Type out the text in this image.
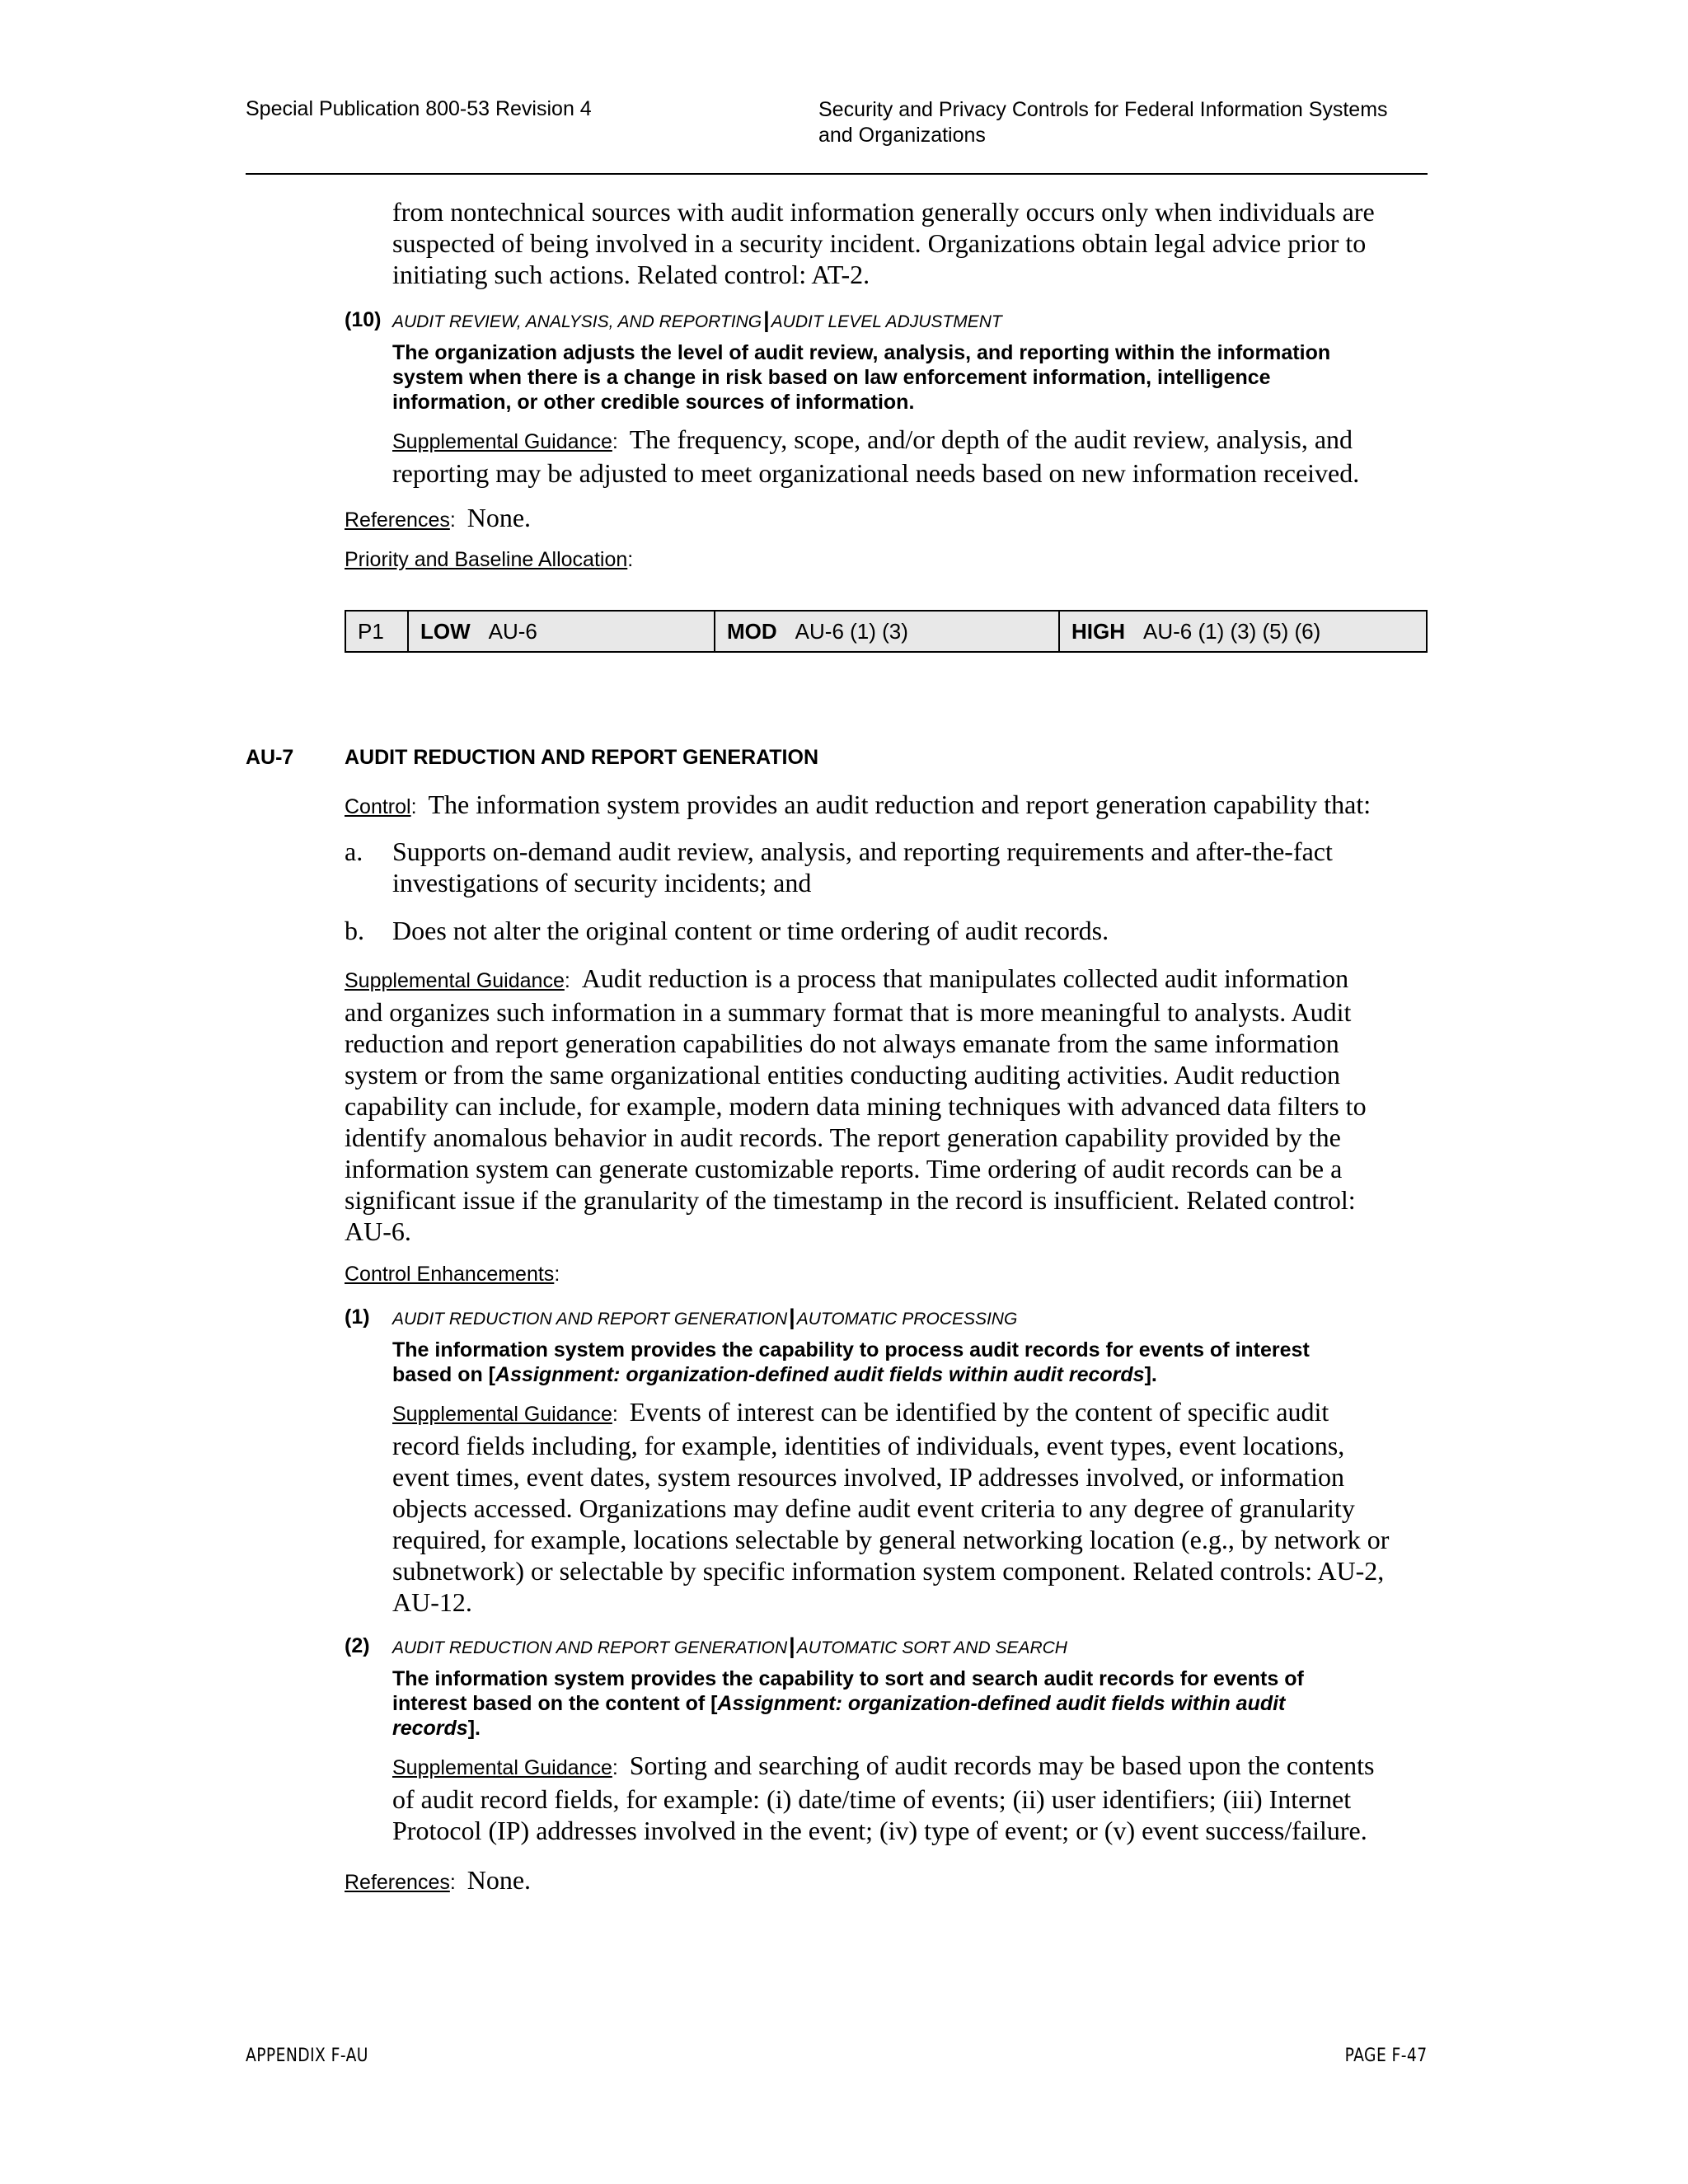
Special Publication 800-53 Revision 4	Security and Privacy Controls for Federal Information Systems
and Organizations
from nontechnical sources with audit information generally occurs only when individuals are
suspected of being involved in a security incident. Organizations obtain legal advice prior to
initiating such actions. Related control: AT-2.
(10) AUDIT REVIEW, ANALYSIS, AND REPORTING|AUDIT LEVEL ADJUSTMENT
The organization adjusts the level of audit review, analysis, and reporting within the information
system when there is a change in risk based on law enforcement information, intelligence
information, or other credible sources of information.
Supplemental Guidance:  The frequency, scope, and/or depth of the audit review, analysis, and
reporting may be adjusted to meet organizational needs based on new information received.
References:  None.
Priority and Baseline Allocation:
P1 LOW AU-6	MOD AU-6 (1) (3)	HIGH AU-6 (1) (3) (5) (6)
AU-7 AUDIT REDUCTION AND REPORT GENERATION
Control:  The information system provides an audit reduction and report generation capability that:
a. Supports on-demand audit review, analysis, and reporting requirements and after-the-fact
investigations of security incidents; and
b. Does not alter the original content or time ordering of audit records.
Supplemental Guidance:  Audit reduction is a process that manipulates collected audit information
and organizes such information in a summary format that is more meaningful to analysts. Audit
reduction and report generation capabilities do not always emanate from the same information
system or from the same organizational entities conducting auditing activities. Audit reduction
capability can include, for example, modern data mining techniques with advanced data filters to
identify anomalous behavior in audit records. The report generation capability provided by the
information system can generate customizable reports. Time ordering of audit records can be a
significant issue if the granularity of the timestamp in the record is insufficient. Related control:
AU-6.
Control Enhancements:
(1) AUDIT REDUCTION AND REPORT GENERATION|AUTOMATIC PROCESSING
The information system provides the capability to process audit records for events of interest
based on [Assignment: organization-defined audit fields within audit records].
Supplemental Guidance:  Events of interest can be identified by the content of specific audit
record fields including, for example, identities of individuals, event types, event locations,
event times, event dates, system resources involved, IP addresses involved, or information
objects accessed. Organizations may define audit event criteria to any degree of granularity
required, for example, locations selectable by general networking location (e.g., by network or
subnetwork) or selectable by specific information system component. Related controls: AU-2,
AU-12.
(2) AUDIT REDUCTION AND REPORT GENERATION|AUTOMATIC SORT AND SEARCH
The information system provides the capability to sort and search audit records for events of
interest based on the content of [Assignment: organization-defined audit fields within audit
records].
Supplemental Guidance:  Sorting and searching of audit records may be based upon the contents
of audit record fields, for example: (i) date/time of events; (ii) user identifiers; (iii) Internet
Protocol (IP) addresses involved in the event; (iv) type of event; or (v) event success/failure.
References:  None.
APPENDIX F-AU	PAGE F-47
